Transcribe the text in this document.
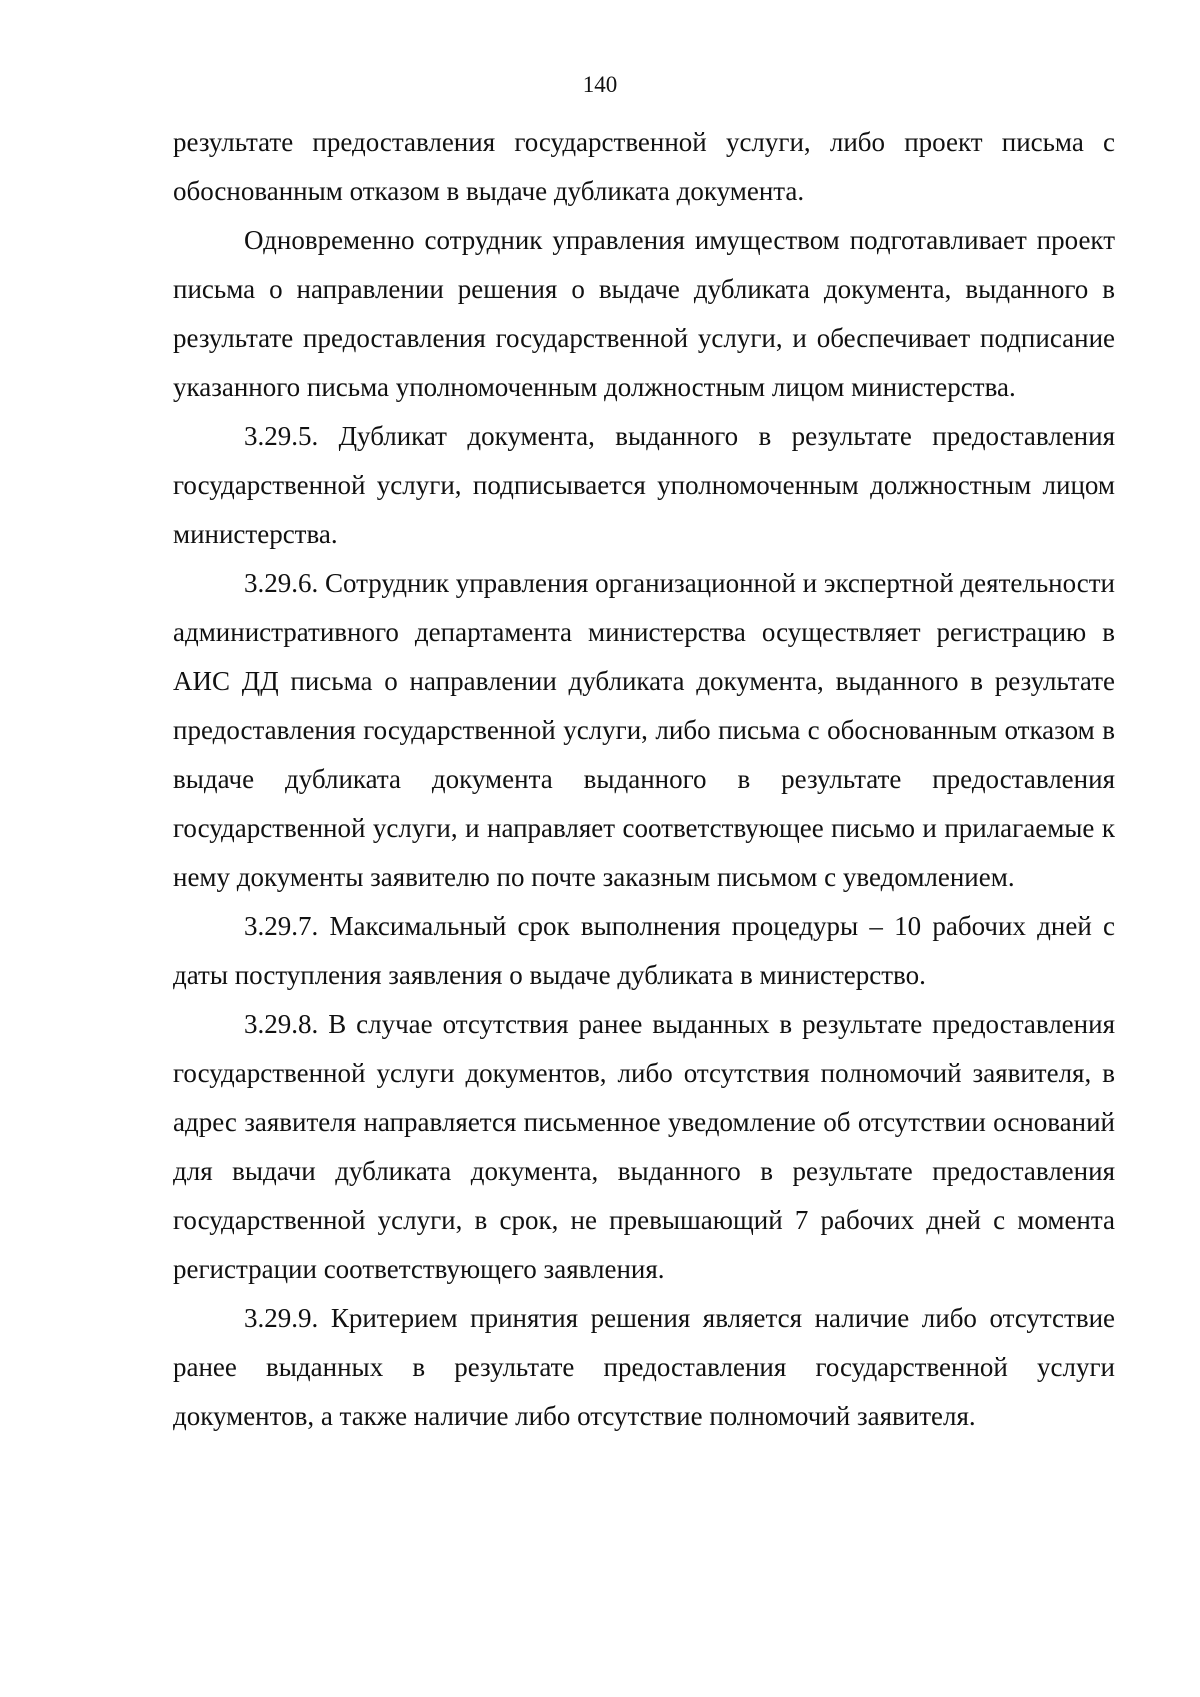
140

результате предоставления государственной услуги, либо проект письма с обоснованным отказом в выдаче дубликата документа.

Одновременно сотрудник управления имуществом подготавливает проект письма о направлении решения о выдаче дубликата документа, выданного в результате предоставления государственной услуги, и обеспечивает подписание указанного письма уполномоченным должностным лицом министерства.

3.29.5. Дубликат документа, выданного в результате предоставления государственной услуги, подписывается уполномоченным должностным лицом министерства.

3.29.6. Сотрудник управления организационной и экспертной деятельности административного департамента министерства осуществляет регистрацию в АИС ДД письма о направлении дубликата документа, выданного в результате предоставления государственной услуги, либо письма с обоснованным отказом в выдаче дубликата документа выданного в результате предоставления государственной услуги, и направляет соответствующее письмо и прилагаемые к нему документы заявителю по почте заказным письмом с уведомлением.

3.29.7. Максимальный срок выполнения процедуры – 10 рабочих дней с даты поступления заявления о выдаче дубликата в министерство.

3.29.8. В случае отсутствия ранее выданных в результате предоставления государственной услуги документов, либо отсутствия полномочий заявителя, в адрес заявителя направляется письменное уведомление об отсутствии оснований для выдачи дубликата документа, выданного в результате предоставления государственной услуги, в срок, не превышающий 7 рабочих дней с момента регистрации соответствующего заявления.

3.29.9. Критерием принятия решения является наличие либо отсутствие ранее выданных в результате предоставления государственной услуги документов, а также наличие либо отсутствие полномочий заявителя.
